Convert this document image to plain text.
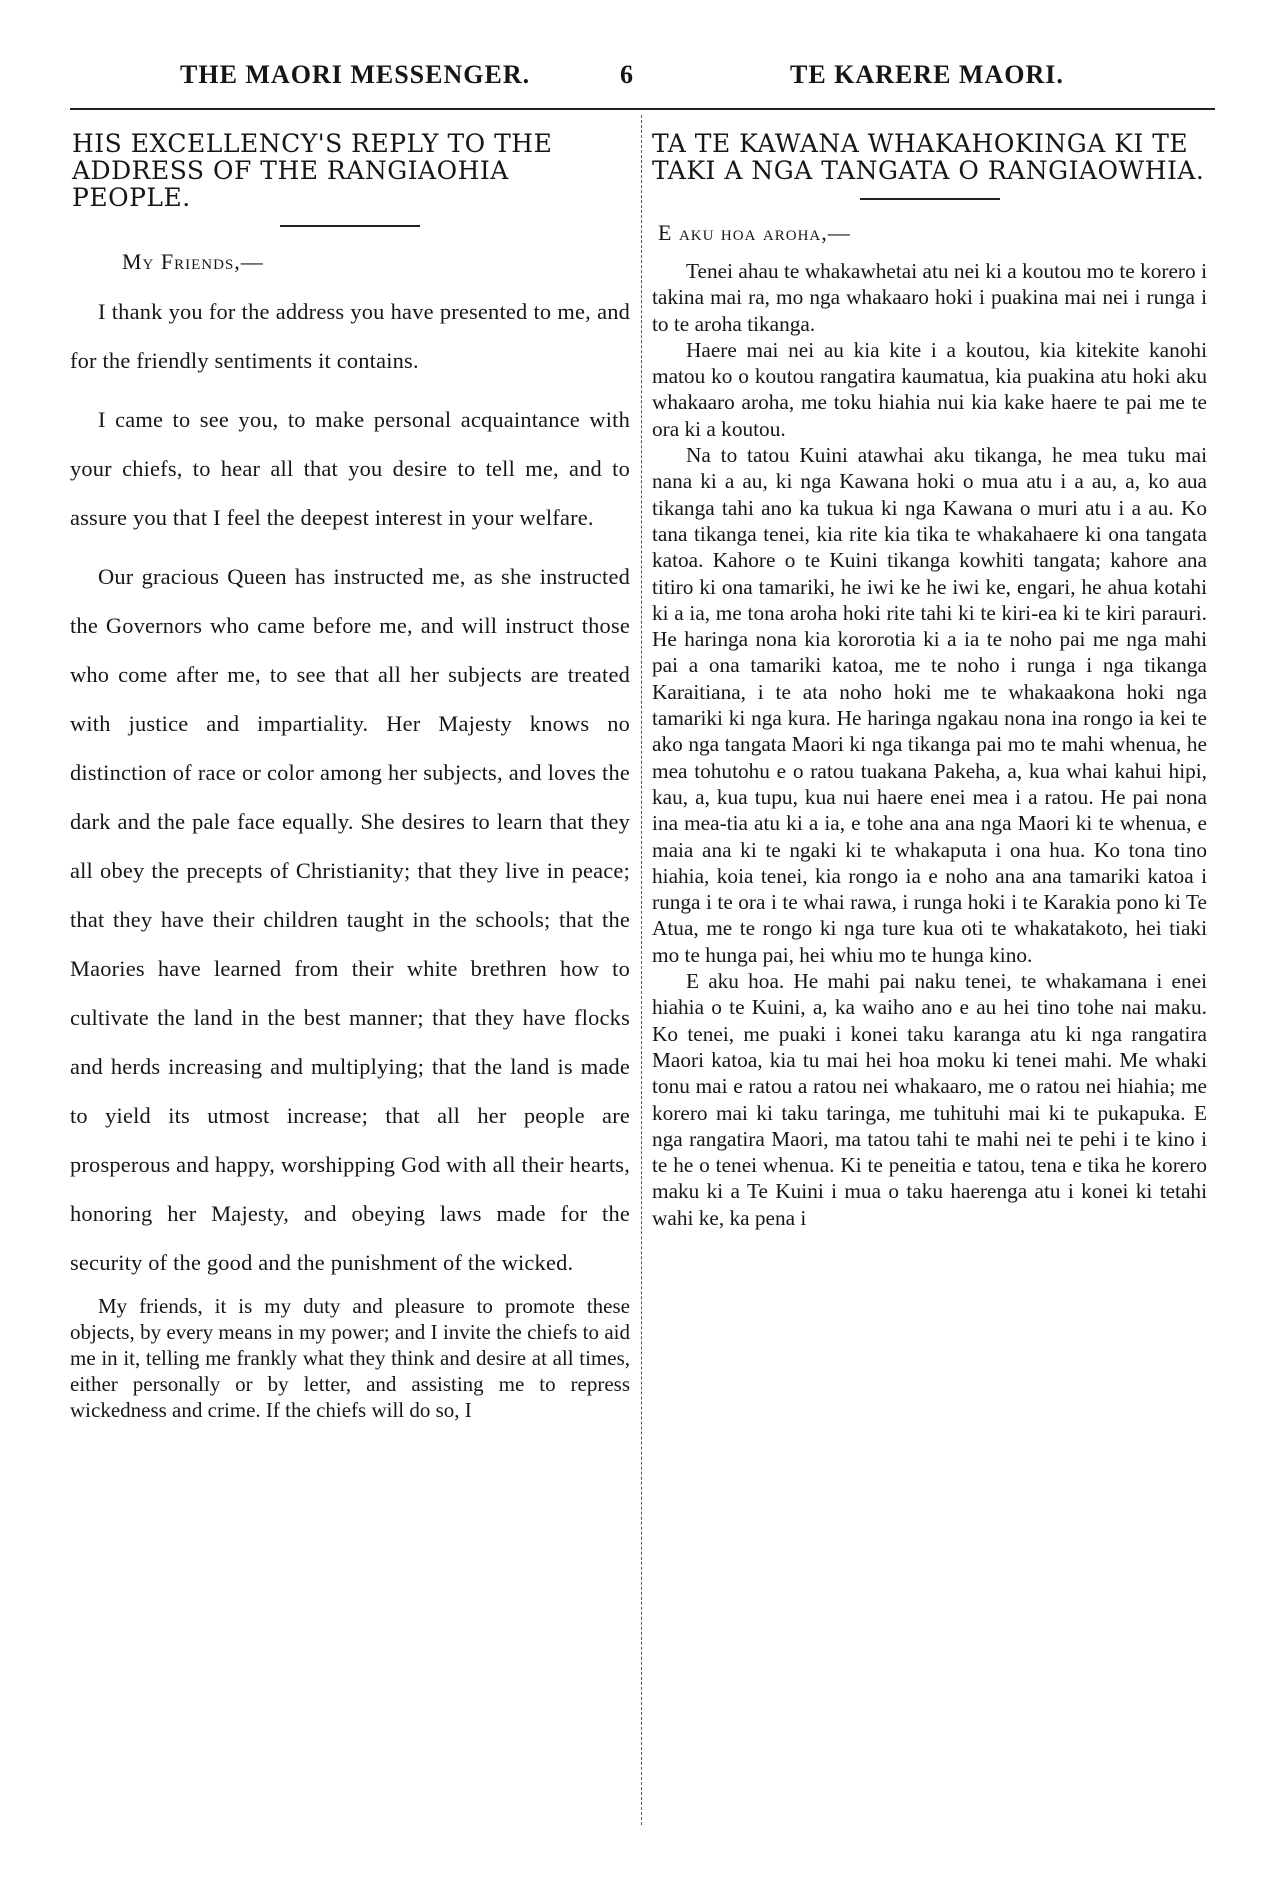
THE MAORI MESSENGER.	6	TE KARERE MAORI.
HIS EXCELLENCY'S REPLY TO THE ADDRESS OF THE RANGIAOHIA PEOPLE.
My Friends,—

I thank you for the address you have presented to me, and for the friendly sentiments it contains.

I came to see you, to make personal acquaintance with your chiefs, to hear all that you desire to tell me, and to assure you that I feel the deepest interest in your welfare.

Our gracious Queen has instructed me, as she instructed the Governors who came before me, and will instruct those who come after me, to see that all her subjects are treated with justice and impartiality. Her Majesty knows no distinction of race or color among her subjects, and loves the dark and the pale face equally. She desires to learn that they all obey the precepts of Christianity; that they live in peace; that they have their children taught in the schools; that the Maories have learned from their white brethren how to cultivate the land in the best manner; that they have flocks and herds increasing and multiplying; that the land is made to yield its utmost increase; that all her people are prosperous and happy, worshipping God with all their hearts, honoring her Majesty, and obeying laws made for the security of the good and the punishment of the wicked.

My friends, it is my duty and pleasure to promote these objects, by every means in my power; and I invite the chiefs to aid me in it, telling me frankly what they think and desire at all times, either personally or by letter, and assisting me to repress wickedness and crime. If the chiefs will do so, I

TA TE KAWANA WHAKAHOKINGA KI TE TAKI A NGA TANGATA O RANGIAOWHIA.
E aku hoa aroha,—

Tenei ahau te whakawhetai atu nei ki a koutou mo te korero i takina mai ra, mo nga whakaaro hoki i puakina mai nei i runga i to te aroha tikanga.

Haere mai nei au kia kite i a koutou, kia kitekite kanohi matou ko o koutou rangatira kaumatua, kia puakina atu hoki aku whakaaro aroha, me toku hiahia nui kia kake haere te pai me te ora ki a koutou.

Na to tatou Kuini atawhai aku tikanga, he mea tuku mai nana ki a au, ki nga Kawana hoki o mua atu i a au, a, ko aua tikanga tahi ano ka tukua ki nga Kawana o muri atu i a au. Ko tana tikanga tenei, kia rite kia tika te whakahaere ki ona tangata katoa. Kahore o te Kuini tikanga kowhiti tangata; kahore ana titiro ki ona tamariki, he iwi ke he iwi ke, engari, he ahua kotahi ki a ia, me tona aroha hoki rite tahi ki te kiri-ea ki te kiri parauri. He haringa nona kia kororotia ki a ia te noho pai me nga mahi pai a ona tamariki katoa, me te noho i runga i nga tikanga Karaitiana, i te ata noho hoki me te whakaakona hoki nga tamariki ki nga kura. He haringa ngakau nona ina rongo ia kei te ako nga tangata Maori ki nga tikanga pai mo te mahi whenua, he mea tohutohu e o ratou tuakana Pakeha, a, kua whai kahui hipi, kau, a, kua tupu, kua nui haere enei mea i a ratou. He pai nona ina mea-tia atu ki a ia, e tohe ana ana nga Maori ki te whenua, e maia ana ki te ngaki ki te whakaputa i ona hua. Ko tona tino hiahia, koia tenei, kia rongo ia e noho ana ana tamariki katoa i runga i te ora i te whai rawa, i runga hoki i te Karakia pono ki Te Atua, me te rongo ki nga ture kua oti te whakatakoto, hei tiaki mo te hunga pai, hei whiu mo te hunga kino.

E aku hoa. He mahi pai naku tenei, te whakamana i enei hiahia o te Kuini, a, ka waiho ano e au hei tino tohe nai maku. Ko tenei, me puaki i konei taku karanga atu ki nga rangatira Maori katoa, kia tu mai hei hoa moku ki tenei mahi. Me whaki tonu mai e ratou a ratou nei whakaaro, me o ratou nei hiahia; me korero mai ki taku taringa, me tuhituhi mai ki te pukapuka. E nga rangatira Maori, ma tatou tahi te mahi nei te pehi i te kino i te he o tenei whenua. Ki te peneitia e tatou, tena e tika he korero maku ki a Te Kuini i mua o taku haerenga atu i konei ki tetahi wahi ke, ka pena i
